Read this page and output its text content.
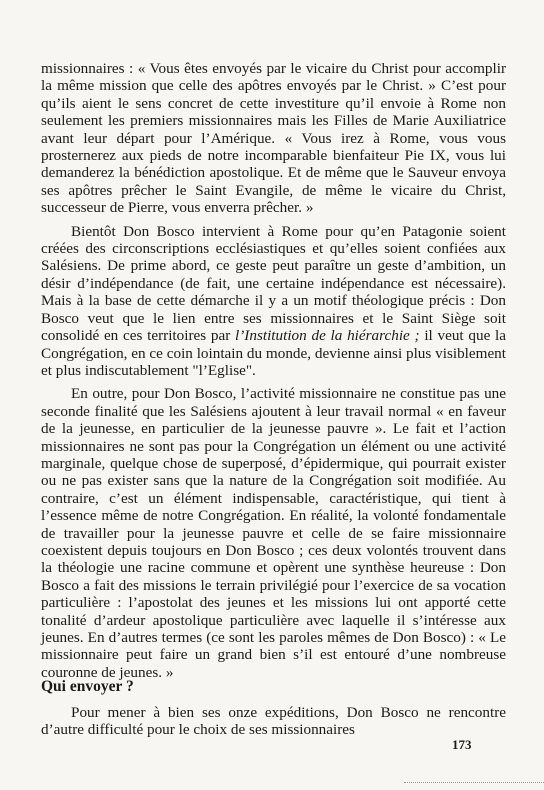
missionnaires : « Vous êtes envoyés par le vicaire du Christ pour accomplir la même mission que celle des apôtres envoyés par le Christ. » C’est pour qu’ils aient le sens concret de cette investiture qu’il envoie à Rome non seulement les premiers missionnaires mais les Filles de Marie Auxiliatrice avant leur départ pour l’Amérique. « Vous irez à Rome, vous vous prosternerez aux pieds de notre incomparable bienfaiteur Pie IX, vous lui demanderez la bénédiction apostolique. Et de même que le Sauveur envoya ses apôtres prêcher le Saint Evangile, de même le vicaire du Christ, successeur de Pierre, vous enverra prêcher. »

Bientôt Don Bosco intervient à Rome pour qu’en Patagonie soient créées des circonscriptions ecclésiastiques et qu’elles soient confiées aux Salésiens. De prime abord, ce geste peut paraître un geste d’ambition, un désir d’indépendance (de fait, une certaine indépendance est nécessaire). Mais à la base de cette démarche il y a un motif théologique précis : Don Bosco veut que le lien entre ses missionnaires et le Saint Siège soit consolidé en ces territoires par l’Institution de la hiérarchie ; il veut que la Congrégation, en ce coin lointain du monde, devienne ainsi plus visiblement et plus indiscutablement "l’Eglise".

En outre, pour Don Bosco, l’activité missionnaire ne constitue pas une seconde finalité que les Salésiens ajoutent à leur travail normal « en faveur de la jeunesse, en particulier de la jeunesse pauvre ». Le fait et l’action missionnaires ne sont pas pour la Congrégation un élément ou une activité marginale, quelque chose de superposé, d’épidermique, qui pourrait exister ou ne pas exister sans que la nature de la Congrégation soit modifiée. Au contraire, c’est un élément indispensable, caractéristique, qui tient à l’essence même de notre Congrégation. En réalité, la volonté fondamentale de travailler pour la jeunesse pauvre et celle de se faire missionnaire coexistent depuis toujours en Don Bosco ; ces deux volontés trouvent dans la théologie une racine commune et opèrent une synthèse heureuse : Don Bosco a fait des missions le terrain privilégié pour l’exercice de sa vocation particulière : l’apostolat des jeunes et les missions lui ont apporté cette tonalité d’ardeur apostolique particulière avec laquelle il s’intéresse aux jeunes. En d’autres termes (ce sont les paroles mêmes de Don Bosco) : « Le missionnaire peut faire un grand bien s’il est entouré d’une nombreuse couronne de jeunes. »

Qui envoyer ?

Pour mener à bien ses onze expéditions, Don Bosco ne rencontre d’autre difficulté pour le choix de ses missionnaires

173
